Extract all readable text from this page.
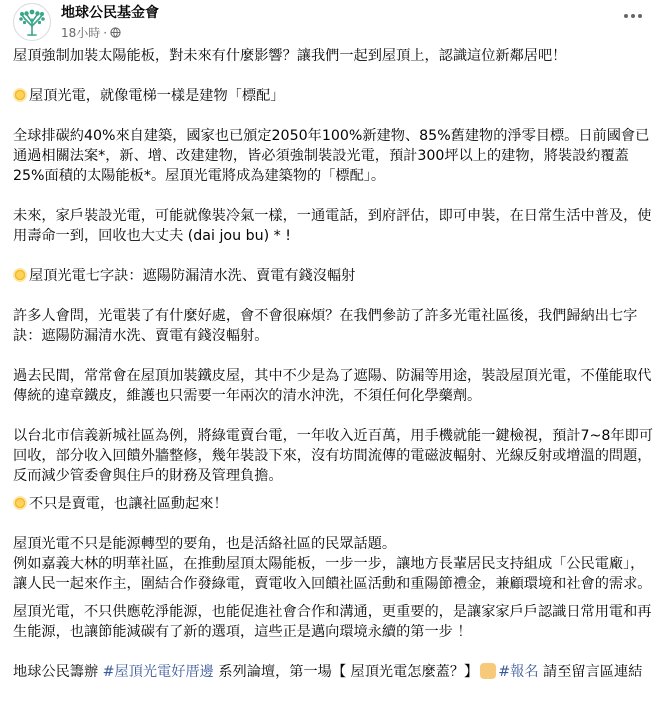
地球公民基金會
18小時 ·

屋頂強制加裝太陽能板，對未來有什麼影響？讓我們一起到屋頂上，認識這位新鄰居吧！

屋頂光電，就像電梯一樣是建物「標配」

全球排碳約40%來自建築，國家也已頒定2050年100%新建物、85%舊建物的淨零目標。日前國會已通過相關法案*，新、增、改建建物，皆必須強制裝設光電，預計300坪以上的建物，將裝設約覆蓋25%面積的太陽能板*。屋頂光電將成為建築物的「標配」。

未來，家戶裝設光電，可能就像裝冷氣一樣，一通電話，到府評估，即可申裝，在日常生活中普及，使用壽命一到，回收也大丈夫 (dai jou bu) * !

屋頂光電七字訣：遮陽防漏清水洗、賣電有錢沒輻射

許多人會問，光電裝了有什麼好處，會不會很麻煩？在我們參訪了許多光電社區後，我們歸納出七字訣：遮陽防漏清水洗、賣電有錢沒輻射。

過去民間，常常會在屋頂加裝鐵皮屋，其中不少是為了遮陽、防漏等用途，裝設屋頂光電，不僅能取代傳統的違章鐵皮，維護也只需要一年兩次的清水沖洗，不須任何化學藥劑。

以台北市信義新城社區為例，將綠電賣台電，一年收入近百萬，用手機就能一鍵檢視，預計7~8年即可回收，部分收入回饋外牆整修，幾年裝設下來，沒有坊間流傳的電磁波輻射、光線反射或增溫的問題，反而減少管委會與住戶的財務及管理負擔。

不只是賣電，也讓社區動起來！

屋頂光電不只是能源轉型的要角，也是活絡社區的民眾話題。

例如嘉義大林的明華社區，在推動屋頂太陽能板，一步一步，讓地方長輩居民支持組成「公民電廠」，讓人民一起來作主，圍結合作發綠電，賣電收入回饋社區活動和重陽節禮金，兼顧環境和社會的需求。

屋頂光電，不只供應乾淨能源，也能促進社會合作和溝通，更重要的，是讓家家戶戶認識日常用電和再生能源，也讓節能減碳有了新的選項，這些正是邁向環境永續的第一步 ！

地球公民籌辦 #屋頂光電好厝邊 系列論壇，第一場【 屋頂光電怎麼蓋？】 #報名 請至留言區連結
